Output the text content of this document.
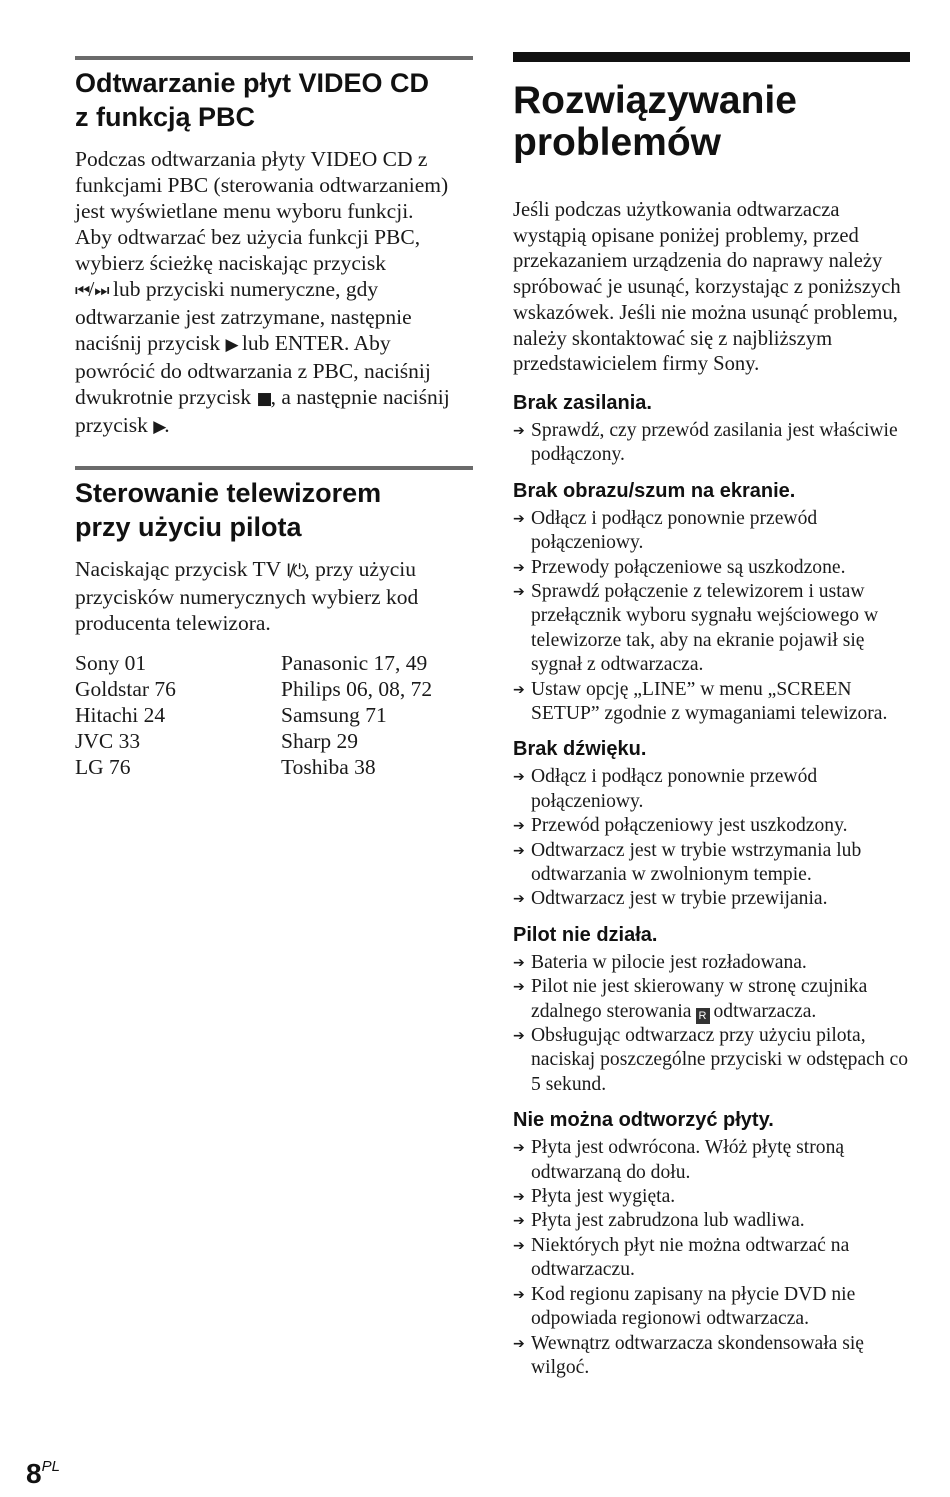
Odtwarzanie płyt VIDEO CD
z funkcją PBC

Podczas odtwarzania płyty VIDEO CD z funkcjami PBC (sterowania odtwarzaniem) jest wyświetlane menu wyboru funkcji.

Aby odtwarzać bez użycia funkcji PBC, wybierz ścieżkę naciskając przycisk
⏮/⏭ lub przyciski numeryczne, gdy odtwarzanie jest zatrzymane, następnie naciśnij przycisk ▶ lub ENTER. Aby powrócić do odtwarzania z PBC, naciśnij dwukrotnie przycisk ■, a następnie naciśnij przycisk ▶.

Sterowanie telewizorem
przy użyciu pilota

Naciskając przycisk TV I/⏻, przy użyciu przycisków numerycznych wybierz kod producenta telewizora.

Sony 01	Panasonic 17, 49
Goldstar 76	Philips 06, 08, 72
Hitachi 24	Samsung 71
JVC 33	Sharp 29
LG 76	Toshiba 38
Rozwiązywanie
problemów

Jeśli podczas użytkowania odtwarzacza wystąpią opisane poniżej problemy, przed przekazaniem urządzenia do naprawy należy spróbować je usunąć, korzystając z poniższych wskazówek. Jeśli nie można usunąć problemu, należy skontaktować się z najbliższym przedstawicielem firmy Sony.

Brak zasilania.
➔ Sprawdź, czy przewód zasilania jest właściwie podłączony.
Brak obrazu/szum na ekranie.
➔ Odłącz i podłącz ponownie przewód połączeniowy.
➔ Przewody połączeniowe są uszkodzone.
➔ Sprawdź połączenie z telewizorem i ustaw przełącznik wyboru sygnału wejściowego w telewizorze tak, aby na ekranie pojawił się sygnał z odtwarzacza.
➔ Ustaw opcję „LINE” w menu „SCREEN SETUP” zgodnie z wymaganiami telewizora.
Brak dźwięku.
➔ Odłącz i podłącz ponownie przewód połączeniowy.
➔ Przewód połączeniowy jest uszkodzony.
➔ Odtwarzacz jest w trybie wstrzymania lub odtwarzania w zwolnionym tempie.
➔ Odtwarzacz jest w trybie przewijania.
Pilot nie działa.
➔ Bateria w pilocie jest rozładowana.
➔ Pilot nie jest skierowany w stronę czujnika zdalnego sterowania R odtwarzacza.
➔ Obsługując odtwarzacz przy użyciu pilota, naciskaj poszczególne przyciski w odstępach co 5 sekund.
Nie można odtworzyć płyty.
➔ Płyta jest odwrócona. Włóż płytę stroną odtwarzaną do dołu.
➔ Płyta jest wygięta.
➔ Płyta jest zabrudzona lub wadliwa.
➔ Niektórych płyt nie można odtwarzać na odtwarzaczu.
➔ Kod regionu zapisany na płycie DVD nie odpowiada regionowi odtwarzacza.
➔ Wewnątrz odtwarzacza skondensowała się wilgoć.
$8^{PL}$
